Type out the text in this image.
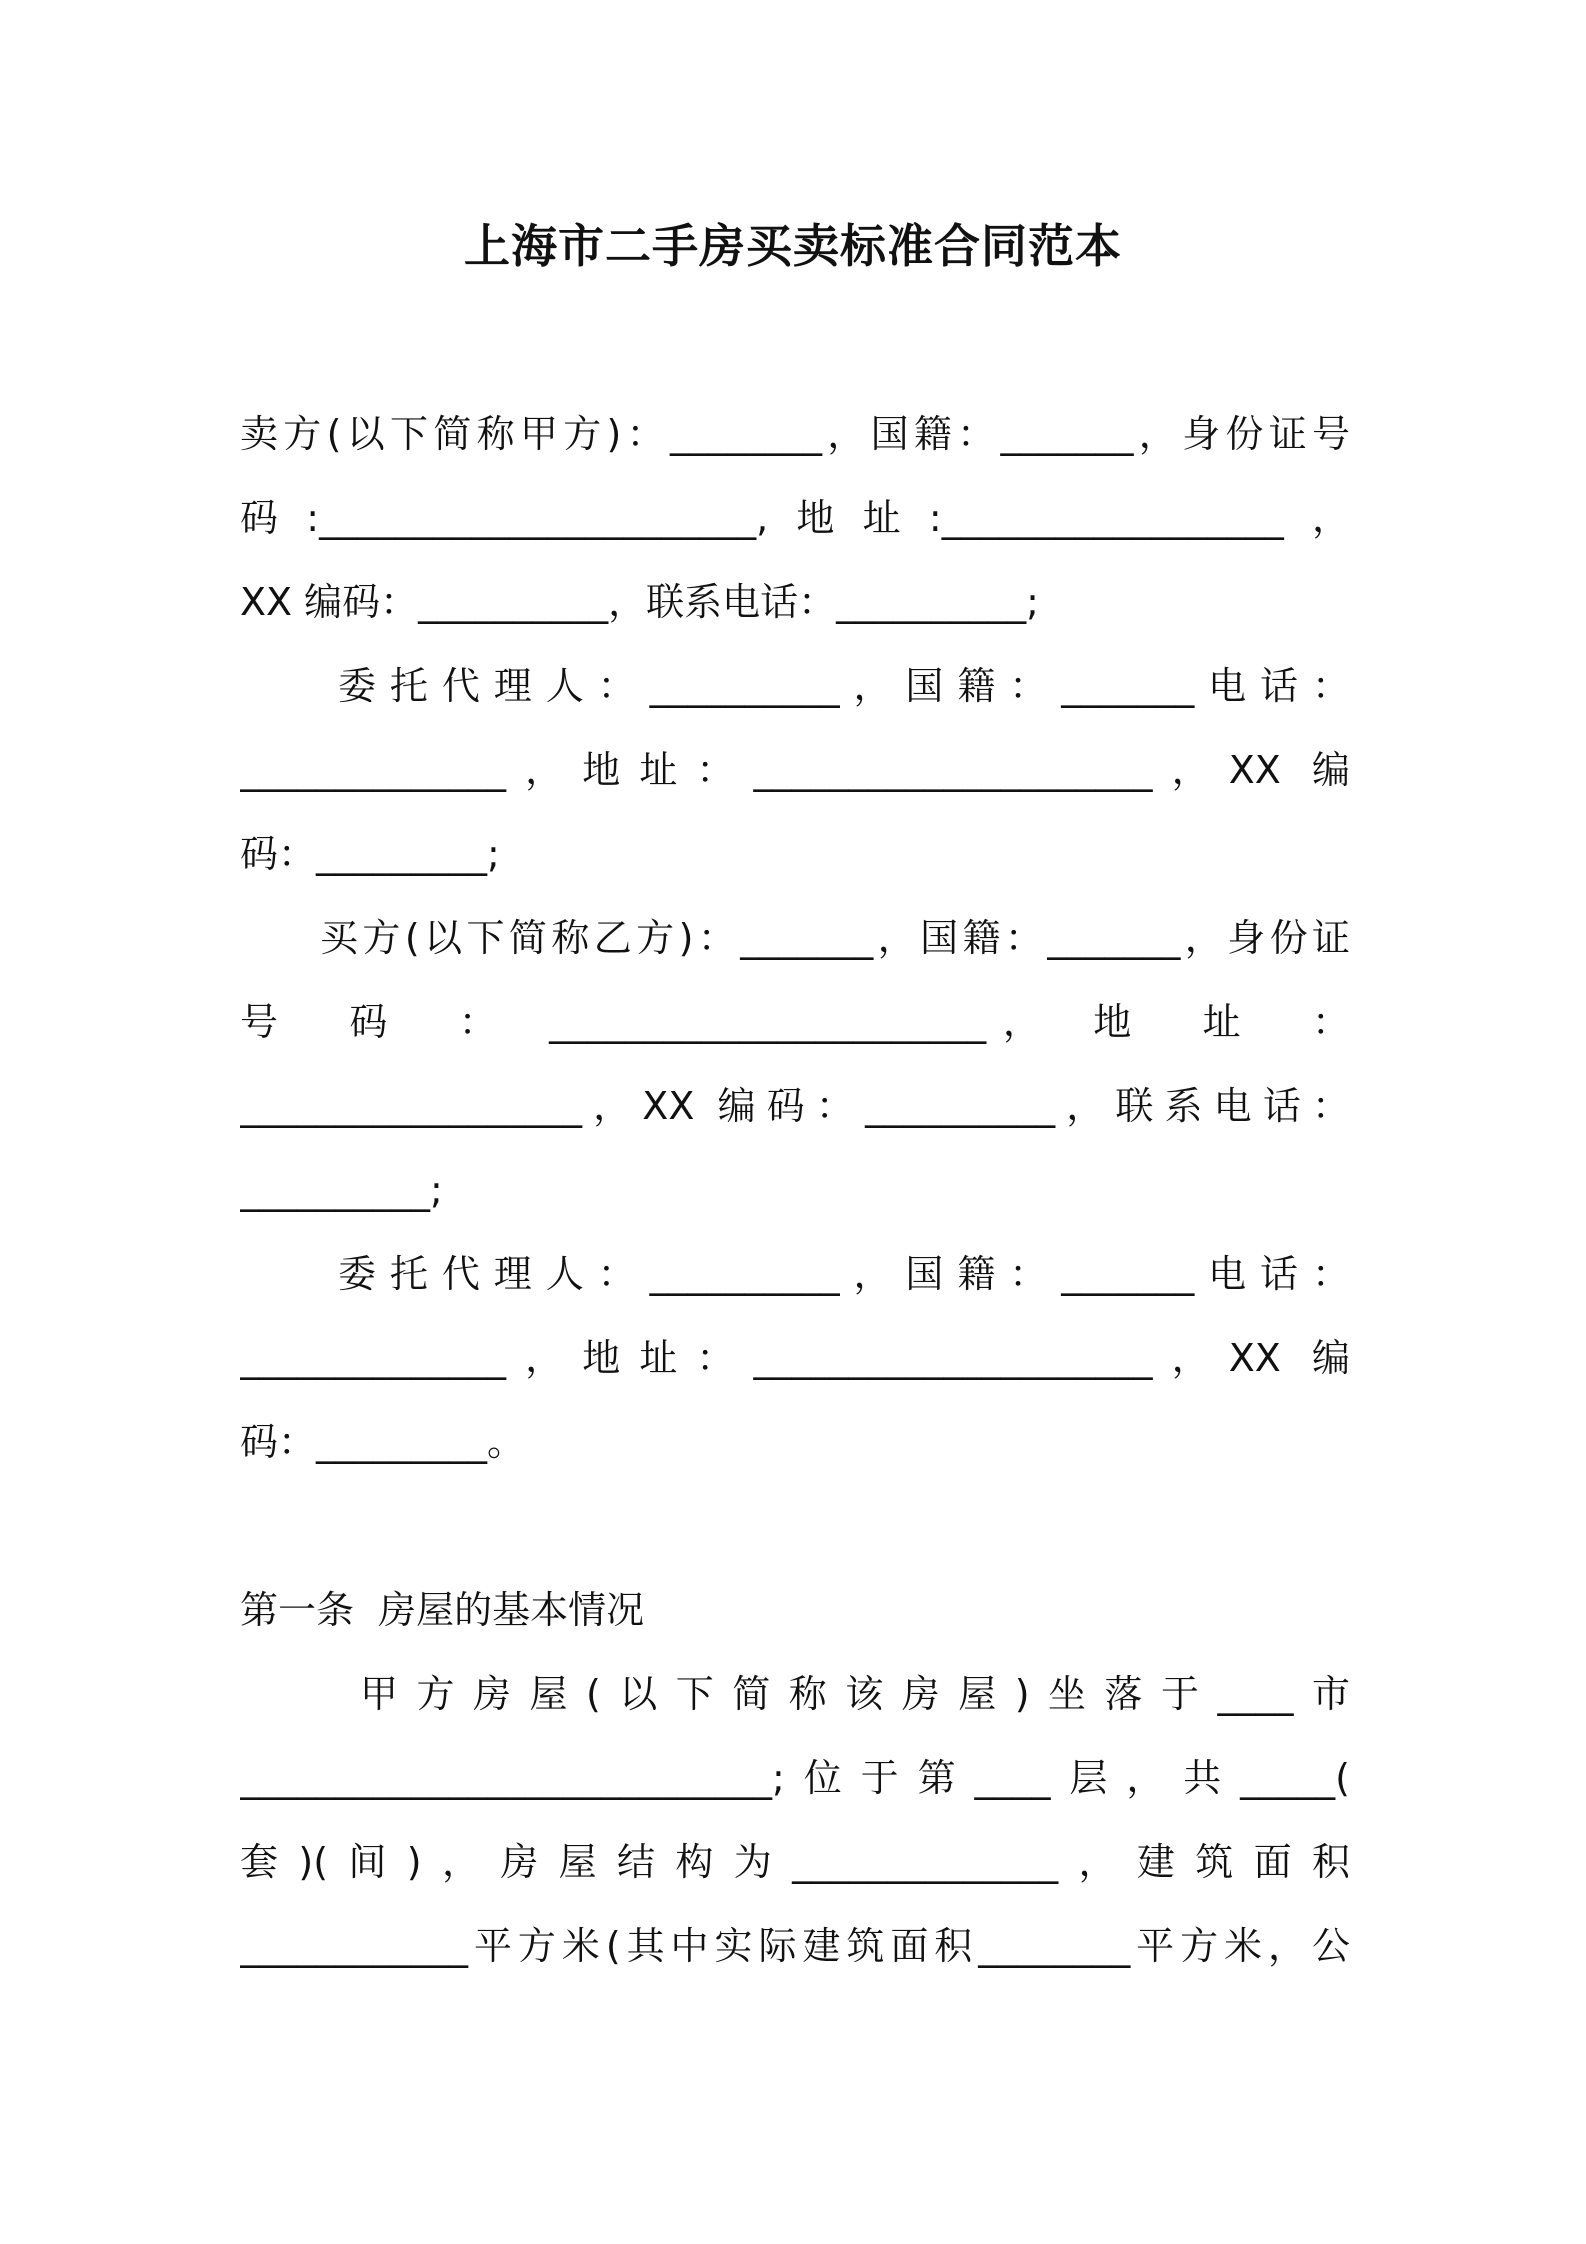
上海市二手房买卖标准合同范本
卖方(以下简称甲方)：________，国籍：_______，身份证号
码:_______________________,地址:__________________，
XX 编码：__________，联系电话：__________;
委托代理人：__________，国籍：_______电话：
______________，地址：_____________________，XX 编
码：_________;
买方(以下简称乙方)：_______，国籍：_______，身份证
号　码　：　_______________________，　地　址　：
__________________，XX 编码：__________，联系电话：
__________;
委托代理人：__________，国籍：_______电话：
______________，地址：_____________________，XX 编
码：_________。
第一条  房屋的基本情况
甲方房屋(以下简称该房屋)坐落于____市
____________________________;位于第____层，共_____(
套)(间)，房屋结构为______________，建筑面积
____________平方米(其中实际建筑面积________平方米，公
